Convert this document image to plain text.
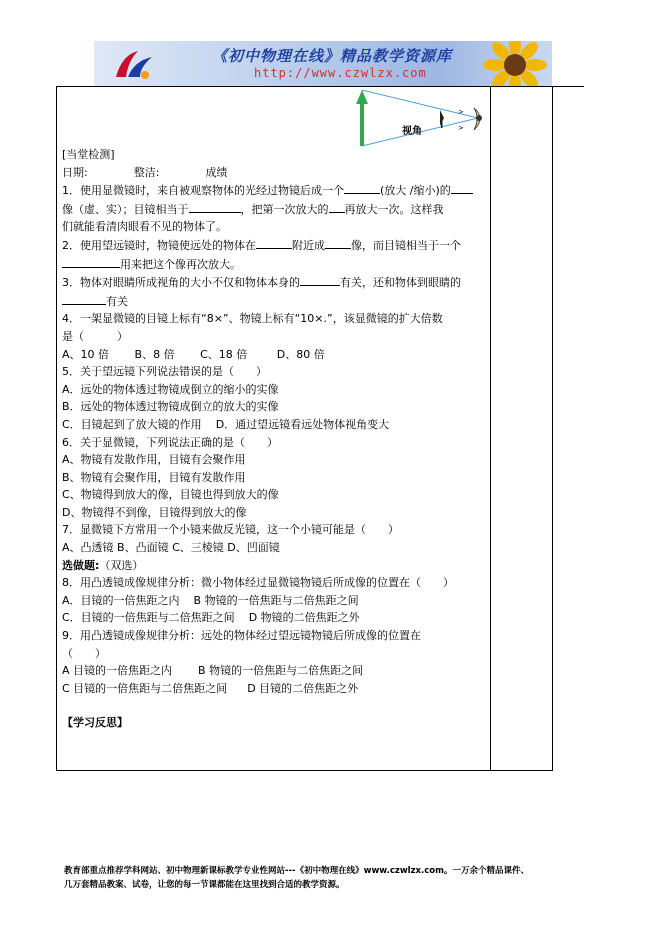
《初中物理在线》精品教学资源库
http://www.czwlzx.com
>
>
视角

[当堂检测]

日期:	整洁:	成绩

1．使用显微镜时，来自被观察物体的光经过物镜后成一个	(放大 /缩小)的

像（虚、实）；目镜相当于	，把第一次放大的 再放大一次。这样我

们就能看清肉眼看不见的物体了。

2．使用望远镜时，物镜使远处的物体在	附近成 像，而目镜相当于一个

用来把这个像再次放大。

3．物体对眼睛所成视角的大小不仅和物体本身的	有关，还和物体到眼睛的

有关

4．一架显微镜的目镜上标有“8×”、物镜上标有“10×.”，该显微镜的扩大倍数

是（　　　）

A、10 倍 B、8 倍 C、18 倍	D、80 倍

5．关于望远镜下列说法错误的是（　　）

A．远处的物体透过物镜成倒立的缩小的实像

B．远处的物体透过物镜成倒立的放大的实像

C．目镜起到了放大镜的作用 D．通过望远镜看远处物体视角变大

6．关于显微镜，下列说法正确的是（　　）

A、物镜有发散作用，目镜有会聚作用

B、物镜有会聚作用，目镜有发散作用

C、物镜得到放大的像，目镜也得到放大的像

D、物镜得不到像，目镜得到放大的像

7．显微镜下方常用一个小镜来做反光镜，这一个小镜可能是（　　）

A、凸透镜 B、凸面镜 C、三棱镜 D、凹面镜

选做题:（双选）

8．用凸透镜成像规律分析：微小物体经过显微镜物镜后所成像的位置在（　　）

A．目镜的一倍焦距之内 B 物镜的一倍焦距与二倍焦距之间

C．目镜的一倍焦距与二倍焦距之间 D 物镜的二倍焦距之外

9．用凸透镜成像规律分析：远处的物体经过望远镜物镜后所成像的位置在

（　　）

A 目镜的一倍焦距之内 B 物镜的一倍焦距与二倍焦距之间

C 目镜的一倍焦距与二倍焦距之间 D 目镜的二倍焦距之外

【学习反思】

教育部重点推荐学科网站、初中物理新课标教学专业性网站---《初中物理在线》www.czwlzx.com。一万余个精品课件、

几万套精品教案、试卷，让您的每一节课都能在这里找到合适的教学资源。
